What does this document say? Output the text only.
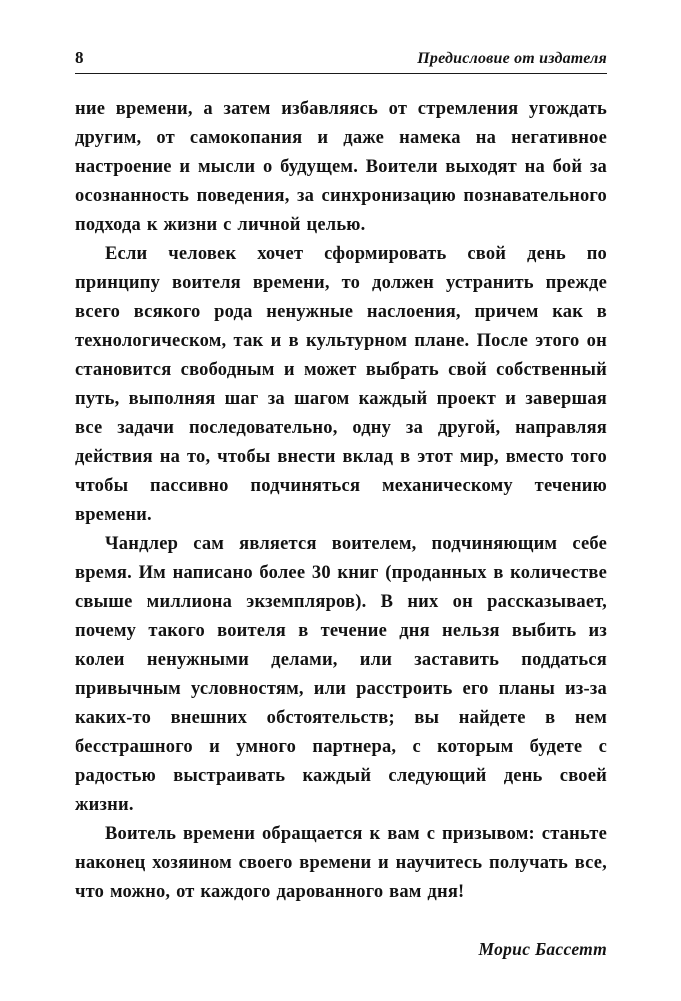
8	Предисловие от издателя

ние времени, а затем избавляясь от стремления угождать другим, от самокопания и даже намека на негативное настроение и мысли о будущем. Воители выходят на бой за осознанность поведения, за синхронизацию познавательного подхода к жизни с личной целью.

Если человек хочет сформировать свой день по принципу воителя времени, то должен устранить прежде всего всякого рода ненужные наслоения, причем как в технологическом, так и в культурном плане. После этого он становится свободным и может выбрать свой собственный путь, выполняя шаг за шагом каждый проект и завершая все задачи последовательно, одну за другой, направляя действия на то, чтобы внести вклад в этот мир, вместо того чтобы пассивно подчиняться механическому течению времени.

Чандлер сам является воителем, подчиняющим себе время. Им написано более 30 книг (проданных в количестве свыше миллиона экземпляров). В них он рассказывает, почему такого воителя в течение дня нельзя выбить из колеи ненужными делами, или заставить поддаться привычным условностям, или расстроить его планы из-за каких-то внешних обстоятельств; вы найдете в нем бесстрашного и умного партнера, с которым будете с радостью выстраивать каждый следующий день своей жизни.

Воитель времени обращается к вам с призывом: станьте наконец хозяином своего времени и научитесь получать все, что можно, от каждого дарованного вам дня!

Морис Бассетт
